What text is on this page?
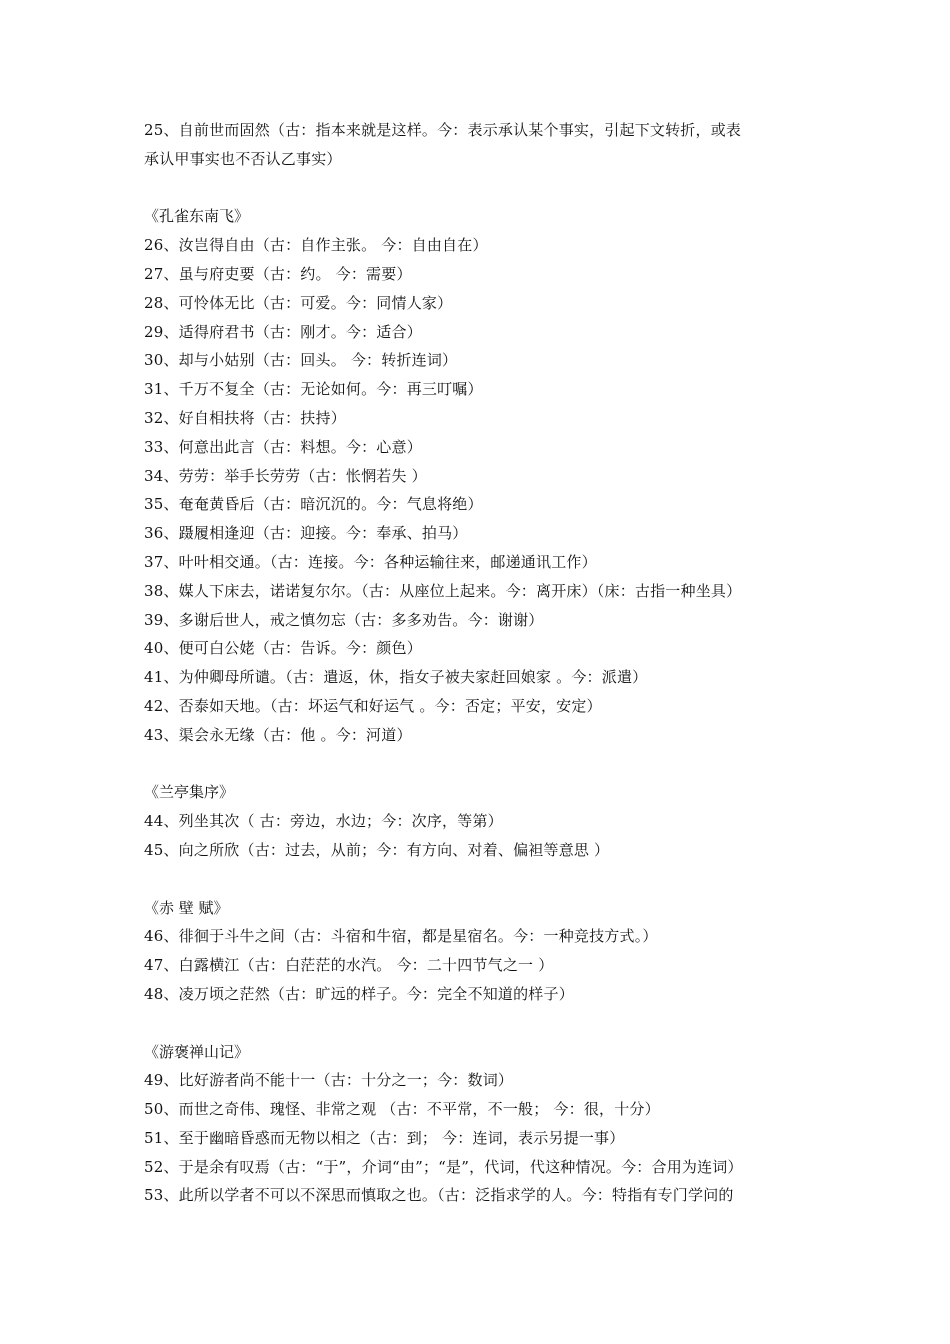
25、自前世而固然（古：指本来就是这样。今：表示承认某个事实，引起下文转折，或表
承认甲事实也不否认乙事实）
《孔雀东南飞》
26、汝岂得自由（古：自作主张。 今：自由自在）
27、虽与府吏要（古：约。 今：需要）
28、可怜体无比（古：可爱。今：同情人家）
29、适得府君书（古：刚才。今：适合）
30、却与小姑别（古：回头。 今：转折连词）
31、千万不复全（古：无论如何。今：再三叮嘱）
32、好自相扶将（古：扶持）
33、何意出此言（古：料想。今：心意）
34、劳劳：举手长劳劳（古：怅惘若失 ）
35、奄奄黄昏后（古：暗沉沉的。今：气息将绝）
36、蹑履相逢迎（古：迎接。今：奉承、拍马）
37、叶叶相交通。（古：连接。今：各种运输往来，邮递通讯工作）
38、媒人下床去，诺诺复尔尔。（古：从座位上起来。今：离开床）（床：古指一种坐具）
39、多谢后世人，戒之慎勿忘（古：多多劝告。今：谢谢）
40、便可白公姥（古：告诉。今：颜色）
41、为仲卿母所谴。（古：遣返，休，指女子被夫家赶回娘家 。今：派遣）
42、否泰如天地。（古：坏运气和好运气 。今：否定；平安，安定）
43、渠会永无缘（古：他 。今：河道）
《兰亭集序》
44、列坐其次（ 古：旁边，水边；今：次序，等第）
45、向之所欣（古：过去，从前；今：有方向、对着、偏袒等意思 ）
《赤 壁 赋》
46、徘徊于斗牛之间（古：斗宿和牛宿，都是星宿名。今：一种竞技方式。）
47、白露横江（古：白茫茫的水汽。 今：二十四节气之一 ）
48、凌万顷之茫然（古：旷远的样子。今：完全不知道的样子）
《游褒禅山记》
49、比好游者尚不能十一（古：十分之一；今：数词）
50、而世之奇伟、瑰怪、非常之观 （古：不平常，不一般； 今：很，十分）
51、至于幽暗昏惑而无物以相之（古：到； 今：连词，表示另提一事）
52、于是余有叹焉（古：“于”，介词“由”；“是”，代词，代这种情况。今：合用为连词）
53、此所以学者不可以不深思而慎取之也。（古：泛指求学的人。今：特指有专门学问的
